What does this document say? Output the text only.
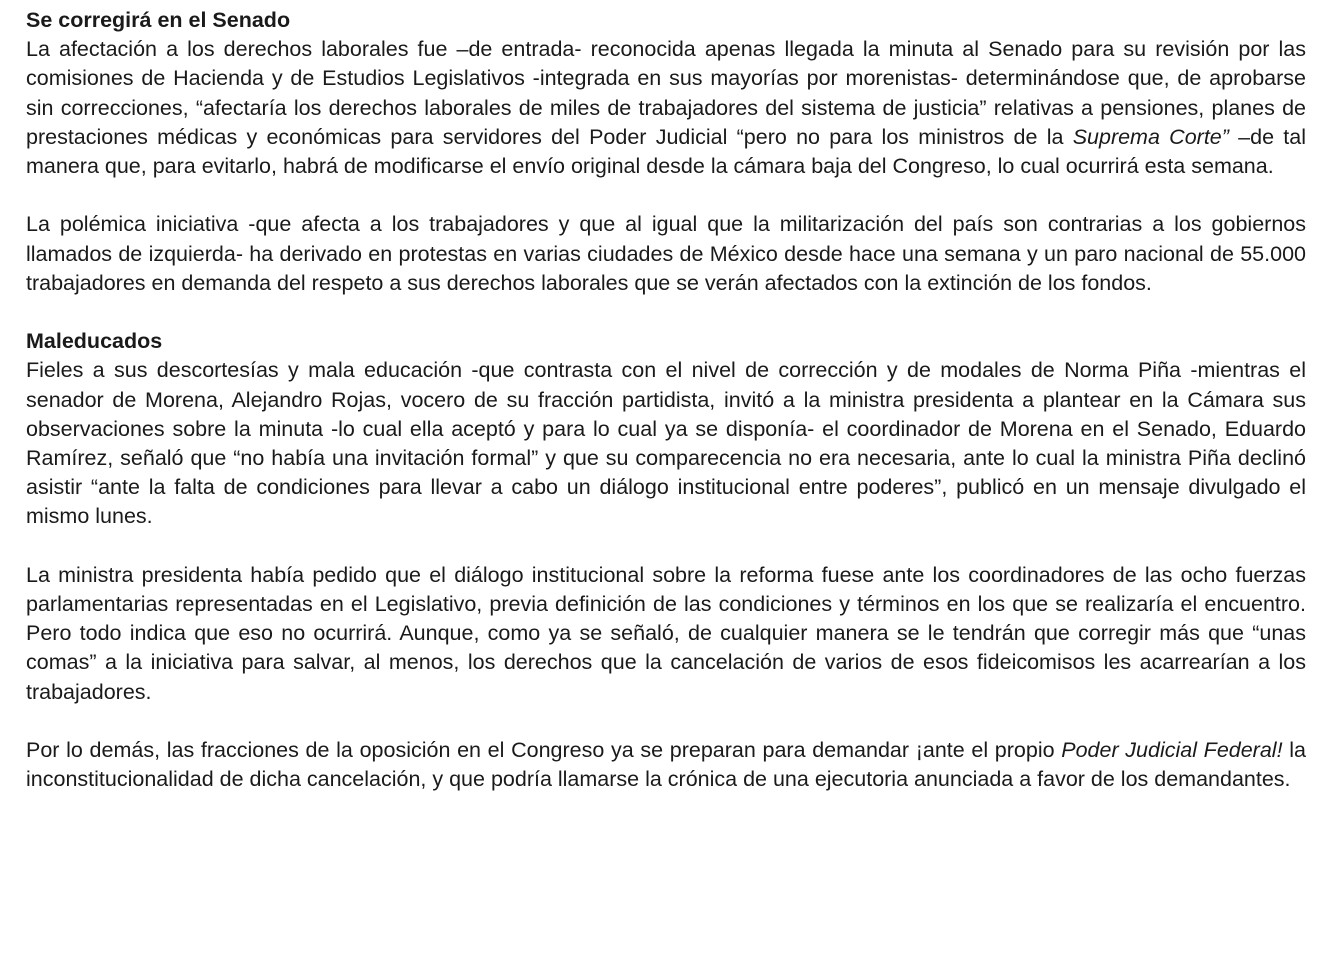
Se corregirá en el Senado

La afectación a los derechos laborales fue –de entrada- reconocida apenas llegada la minuta al Senado para su revisión por las comisiones de Hacienda y de Estudios Legislativos -integrada en sus mayorías por morenistas- determinándose que, de aprobarse sin correcciones, “afectaría los derechos laborales de miles de trabajadores del sistema de justicia” relativas a pensiones, planes de prestaciones médicas y económicas para servidores del Poder Judicial “pero no para los ministros de la Suprema Corte” –de tal manera que, para evitarlo, habrá de modificarse el envío original desde la cámara baja del Congreso, lo cual ocurrirá esta semana.

La polémica iniciativa -que afecta a los trabajadores y que al igual que la militarización del país son contrarias a los gobiernos llamados de izquierda- ha derivado en protestas en varias ciudades de México desde hace una semana y un paro nacional de 55.000 trabajadores en demanda del respeto a sus derechos laborales que se verán afectados con la extinción de los fondos.

Maleducados

Fieles a sus descortesías y mala educación -que contrasta con el nivel de corrección y de modales de Norma Piña -mientras el senador de Morena, Alejandro Rojas, vocero de su fracción partidista, invitó a la ministra presidenta a plantear en la Cámara sus observaciones sobre la minuta -lo cual ella aceptó y para lo cual ya se disponía- el coordinador de Morena en el Senado, Eduardo Ramírez, señaló que “no había una invitación formal” y que su comparecencia no era necesaria, ante lo cual la ministra Piña declinó asistir “ante la falta de condiciones para llevar a cabo un diálogo institucional entre poderes”, publicó en un mensaje divulgado el mismo lunes.

La ministra presidenta había pedido que el diálogo institucional sobre la reforma fuese ante los coordinadores de las ocho fuerzas parlamentarias representadas en el Legislativo, previa definición de las condiciones y términos en los que se realizaría el encuentro. Pero todo indica que eso no ocurrirá. Aunque, como ya se señaló, de cualquier manera se le tendrán que corregir más que “unas comas” a la iniciativa para salvar, al menos, los derechos que la cancelación de varios de esos fideicomisos les acarrearían a los trabajadores.

Por lo demás, las fracciones de la oposición en el Congreso ya se preparan para demandar ¡ante el propio Poder Judicial Federal! la inconstitucionalidad de dicha cancelación, y que podría llamarse la crónica de una ejecutoria anunciada a favor de los demandantes.
